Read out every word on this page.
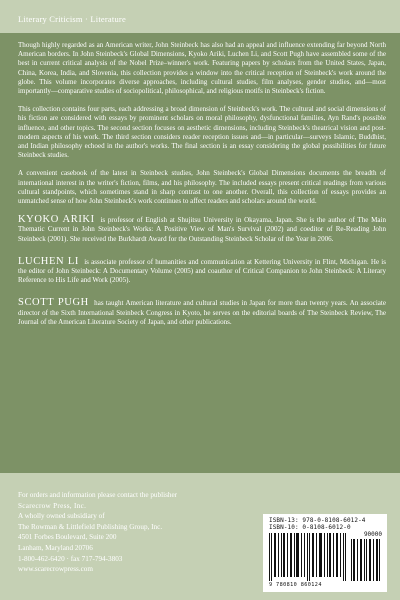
Literary Criticism · Literature

Though highly regarded as an American writer, John Steinbeck has also had an appeal and influence extending far beyond North American borders. In John Steinbeck's Global Dimensions, Kyoko Ariki, Luchen Li, and Scott Pugh have assembled some of the best in current critical analysis of the Nobel Prize–winner's work. Featuring papers by scholars from the United States, Japan, China, Korea, India, and Slovenia, this collection provides a window into the critical reception of Steinbeck's work around the globe. This volume incorporates diverse approaches, including cultural studies, film analyses, gender studies, and—most importantly—comparative studies of sociopolitical, philosophical, and religious motifs in Steinbeck's fiction.

This collection contains four parts, each addressing a broad dimension of Steinbeck's work. The cultural and social dimensions of his fiction are considered with essays by prominent scholars on moral philosophy, dysfunctional families, Ayn Rand's possible influence, and other topics. The second section focuses on aesthetic dimensions, including Steinbeck's theatrical vision and post-modern aspects of his work. The third section considers reader reception issues and—in particular—surveys Islamic, Buddhist, and Indian philosophy echoed in the author's works. The final section is an essay considering the global possibilities for future Steinbeck studies.

A convenient casebook of the latest in Steinbeck studies, John Steinbeck's Global Dimensions documents the breadth of international interest in the writer's fiction, films, and his philosophy. The included essays present critical readings from various cultural standpoints, which sometimes stand in sharp contrast to one another. Overall, this collection of essays provides an unmatched sense of how John Steinbeck's work continues to affect readers and scholars around the world.

KYOKO ARIKI is professor of English at Shujitsu University in Okayama, Japan. She is the author of The Main Thematic Current in John Steinbeck's Works: A Positive View of Man's Survival (2002) and coeditor of Re-Reading John Steinbeck (2001). She received the Burkhardt Award for the Outstanding Steinbeck Scholar of the Year in 2006.

LUCHEN LI is associate professor of humanities and communication at Kettering University in Flint, Michigan. He is the editor of John Steinbeck: A Documentary Volume (2005) and coauthor of Critical Companion to John Steinbeck: A Literary Reference to His Life and Work (2005).

SCOTT PUGH has taught American literature and cultural studies in Japan for more than twenty years. An associate director of the Sixth International Steinbeck Congress in Kyoto, he serves on the editorial boards of The Steinbeck Review, The Journal of the American Literature Society of Japan, and other publications.

For orders and information please contact the publisher
Scarecrow Press, Inc.
A wholly owned subsidiary of
The Rowman & Littlefield Publishing Group, Inc.
4501 Forbes Boulevard, Suite 200
Lanham, Maryland 20706
1-800-462-6420 · fax 717-794-3803
www.scarecrowpress.com
ISBN-13: 978-0-8108-6012-4
ISBN-10: 0-8108-6012-0
90000
9 780810 860124
